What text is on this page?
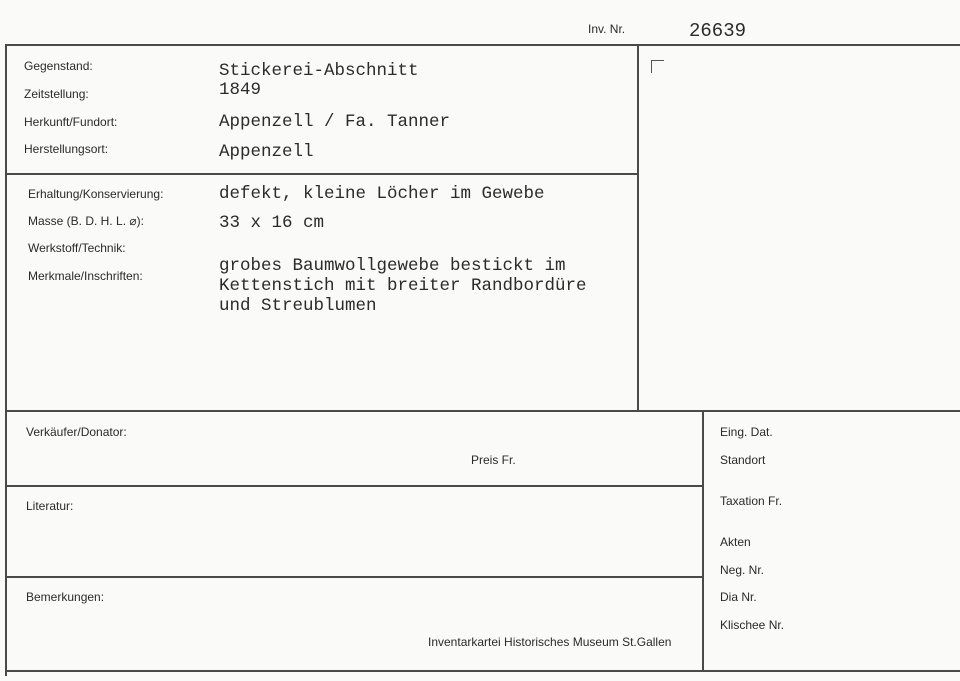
Inv. Nr.	26639
Gegenstand:	Stickerei-Abschnitt
Zeitstellung:	1849
Herkunft/Fundort:	Appenzell / Fa. Tanner
Herstellungsort:	Appenzell
Erhaltung/Konservierung:	defekt, kleine Löcher im Gewebe
Masse (B. D. H. L. ⌀):	33 x 16 cm
Werkstoff/Technik:
Merkmale/Inschriften:	grobes Baumwollgewebe bestickt im
Kettenstich mit breiter Randbordüre
und Streublumen
Verkäufer/Donator:
Preis Fr.
Literatur:
Bemerkungen:
Inventarkartei Historisches Museum St.Gallen
Eing. Dat.
Standort
Taxation Fr.
Akten
Neg. Nr.
Dia Nr.
Klischee Nr.
